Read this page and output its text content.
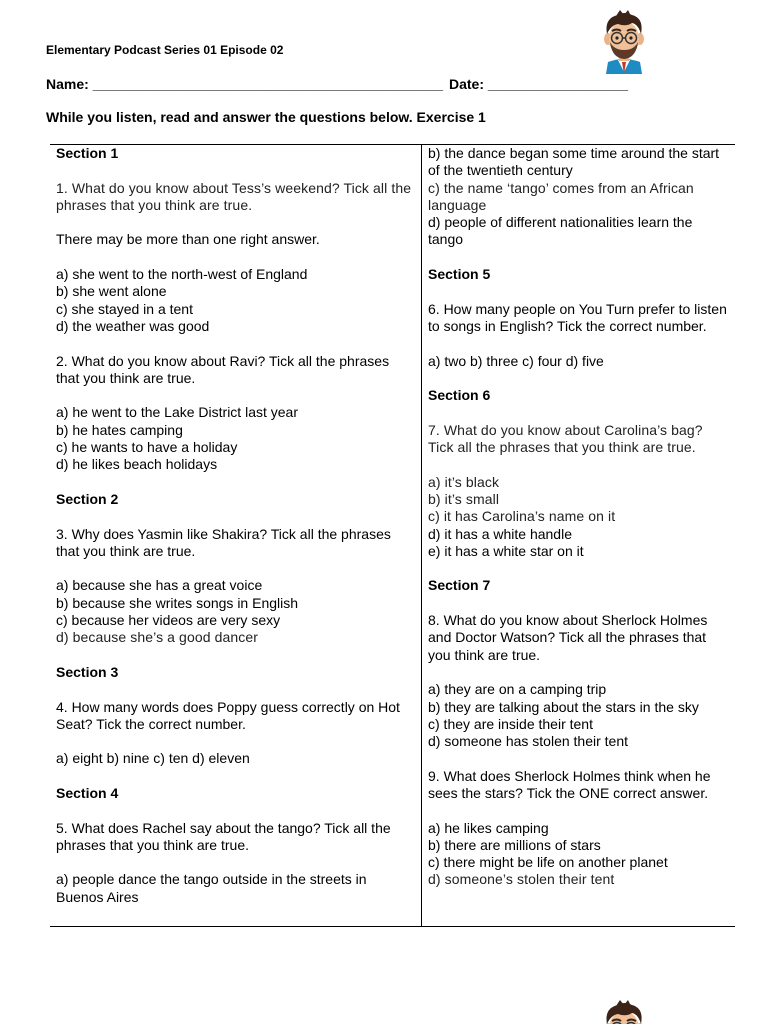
Elementary Podcast Series 01 Episode 02

Name: _____________________________________________ Date: __________________

While you listen, read and answer the questions below. Exercise 1

Section 1

1. What do you know about Tess’s weekend? Tick all the phrases that you think are true.

There may be more than one right answer.

a) she went to the north-west of England
b) she went alone
c) she stayed in a tent
d) the weather was good

2. What do you know about Ravi? Tick all the phrases that you think are true.

a) he went to the Lake District last year
b) he hates camping
c) he wants to have a holiday
d) he likes beach holidays

Section 2

3. Why does Yasmin like Shakira? Tick all the phrases that you think are true.

a) because she has a great voice
b) because she writes songs in English
c) because her videos are very sexy
d) because she’s a good dancer

Section 3

4. How many words does Poppy guess correctly on Hot Seat? Tick the correct number.

a) eight b) nine c) ten d) eleven

Section 4

5. What does Rachel say about the tango? Tick all the phrases that you think are true.

a) people dance the tango outside in the streets in Buenos Aires

b) the dance began some time around the start of the twentieth century
c) the name ‘tango’ comes from an African language
d) people of different nationalities learn the tango

Section 5

6. How many people on You Turn prefer to listen to songs in English? Tick the correct number.

a) two b) three c) four d) five

Section 6

7. What do you know about Carolina’s bag? Tick all the phrases that you think are true.

a) it’s black
b) it’s small
c) it has Carolina’s name on it
d) it has a white handle
e) it has a white star on it

Section 7

8. What do you know about Sherlock Holmes and Doctor Watson? Tick all the phrases that you think are true.

a) they are on a camping trip
b) they are talking about the stars in the sky
c) they are inside their tent
d) someone has stolen their tent

9. What does Sherlock Holmes think when he sees the stars? Tick the ONE correct answer.

a) he likes camping
b) there are millions of stars
c) there might be life on another planet
d) someone’s stolen their tent
